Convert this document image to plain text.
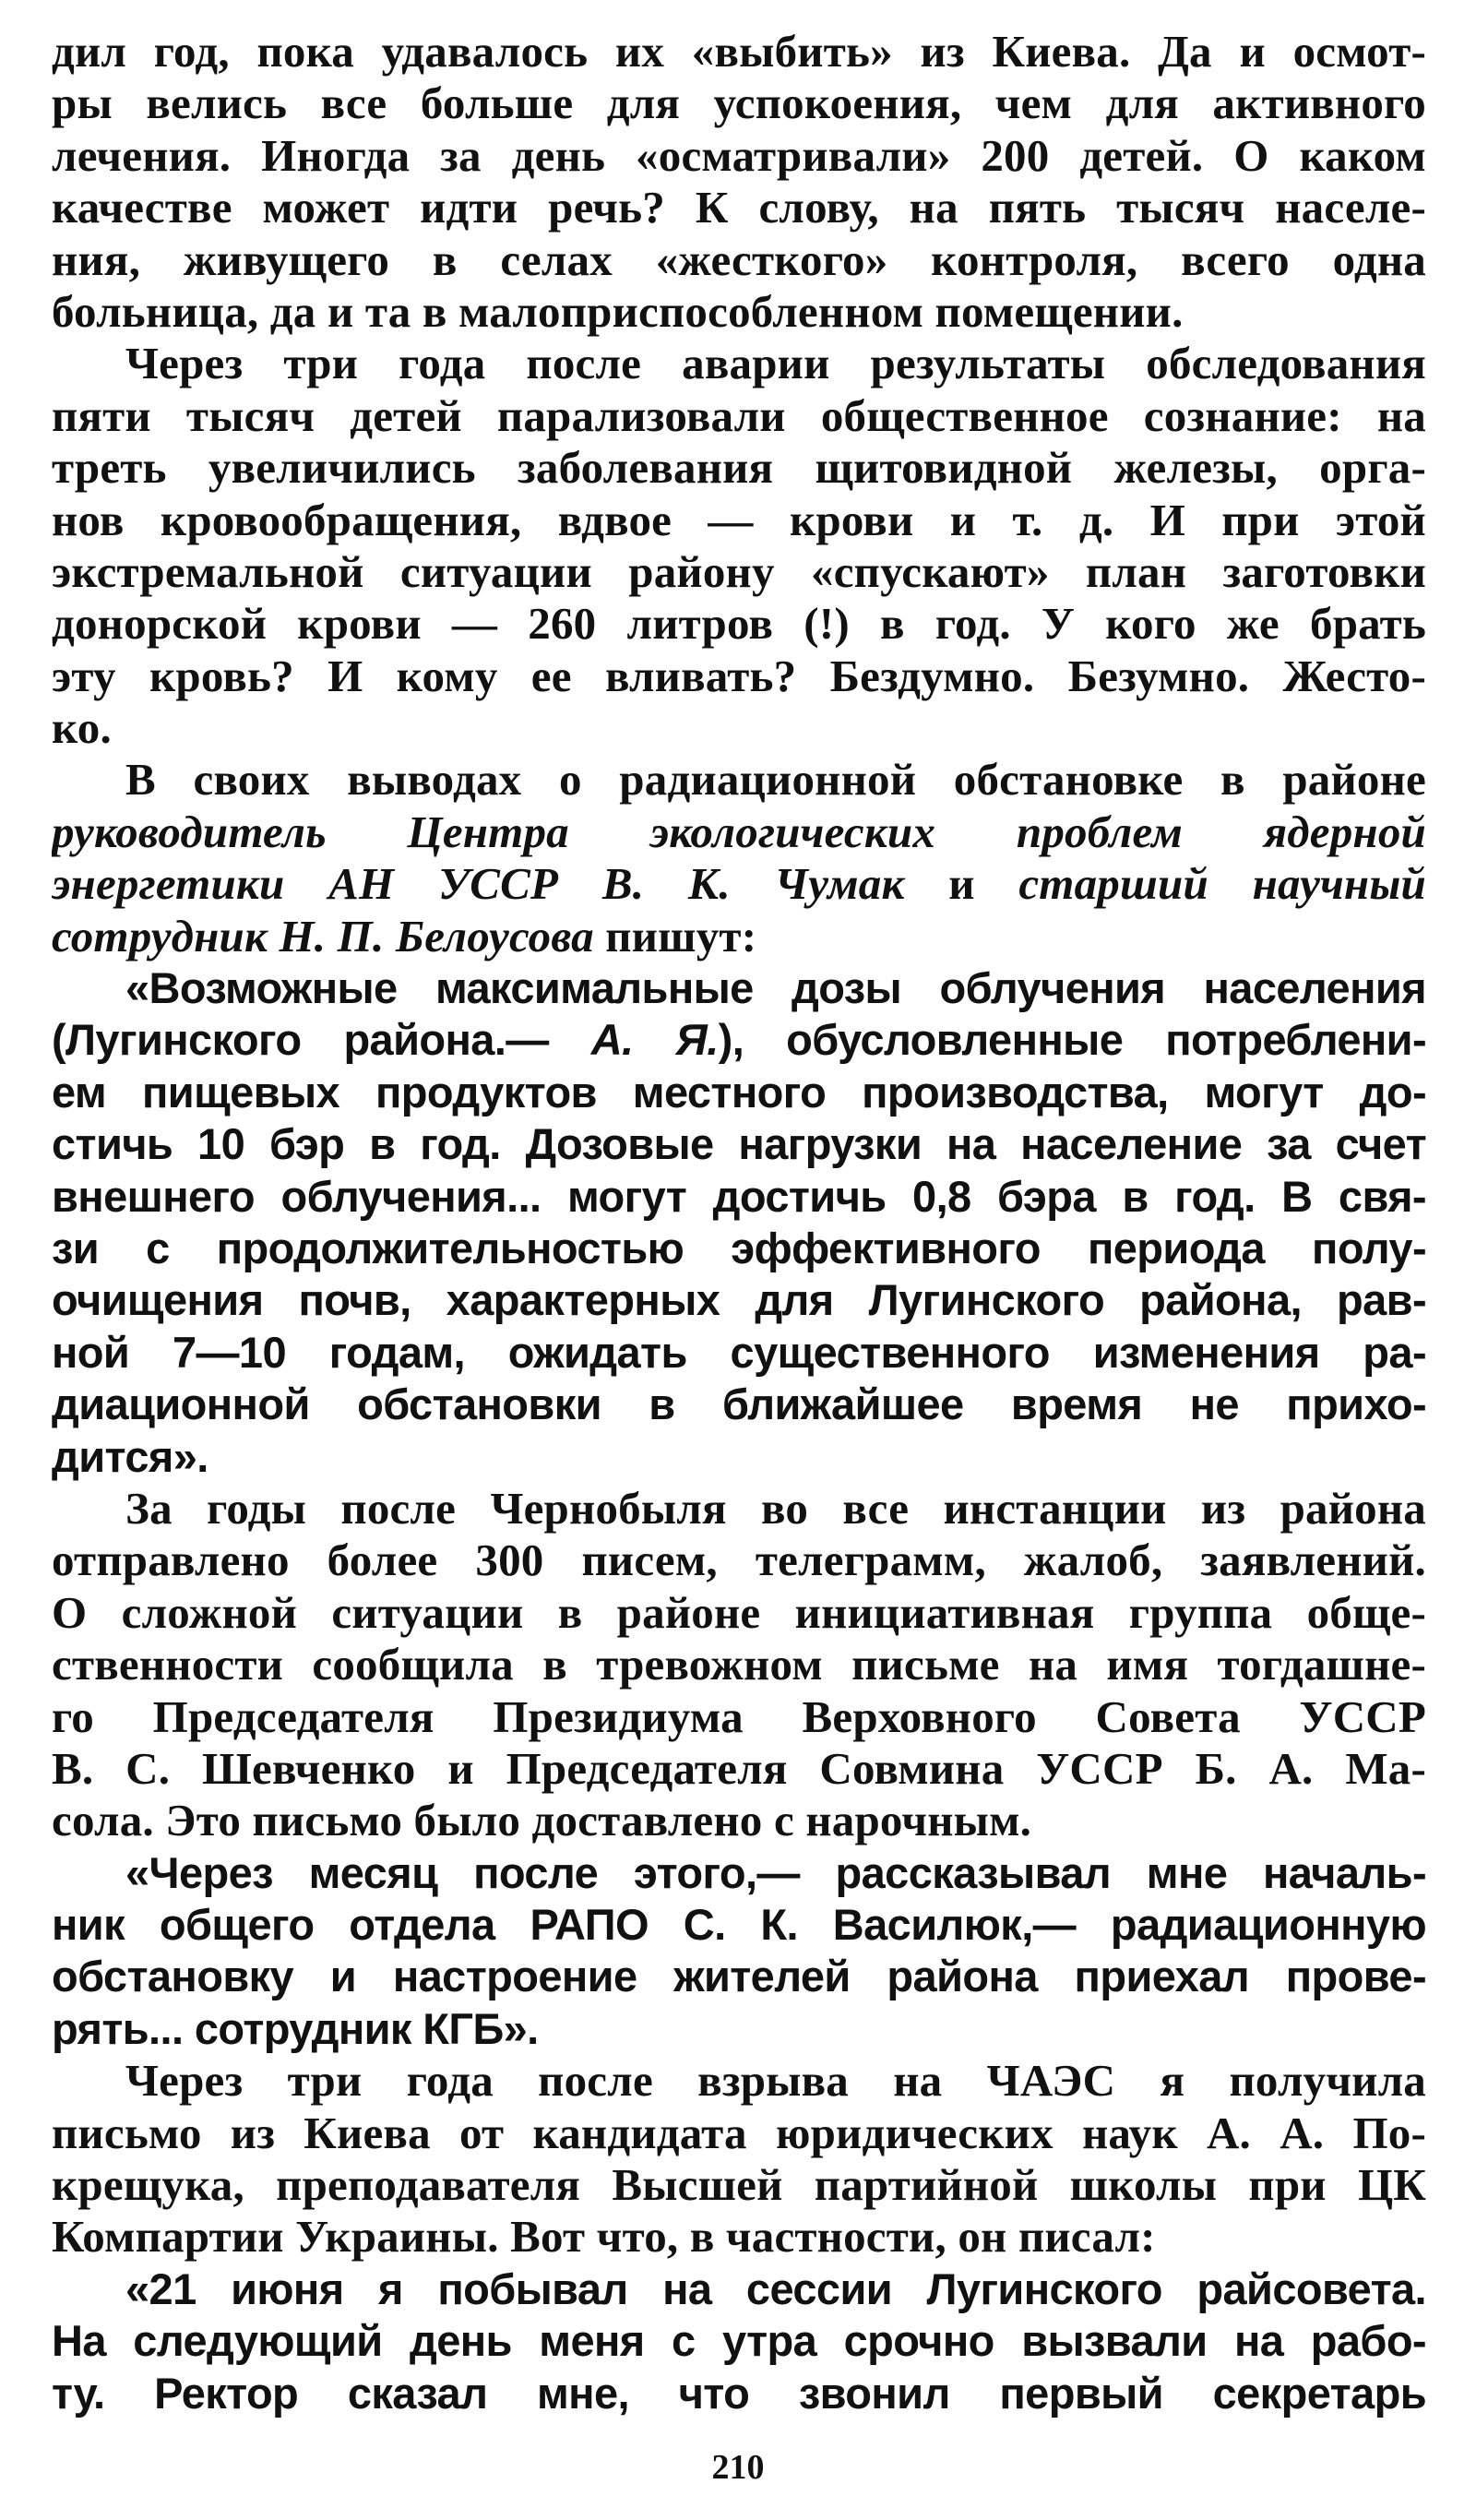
дил год, пока удавалось их «выбить» из Киева. Да и осмот-
ры велись все больше для успокоения, чем для активного
лечения. Иногда за день «осматривали» 200 детей. О каком
качестве может идти речь? К слову, на пять тысяч населе-
ния, живущего в селах «жесткого» контроля, всего одна
больница, да и та в малоприспособленном помещении.
Через три года после аварии результаты обследования
пяти тысяч детей парализовали общественное сознание: на
треть увеличились заболевания щитовидной железы, орга-
нов кровообращения, вдвое — крови и т. д. И при этой
экстремальной ситуации району «спускают» план заготовки
донорской крови — 260 литров (!) в год. У кого же брать
эту кровь? И кому ее вливать? Бездумно. Безумно. Жесто-
ко.
В своих выводах о радиационной обстановке в районе
руководитель Центра экологических проблем ядерной
энергетики АН УССР В. К. Чумак и старший научный
сотрудник Н. П. Белоусова пишут:
«Возможные максимальные дозы облучения населения
(Лугинского района.— А. Я.), обусловленные потреблени-
ем пищевых продуктов местного производства, могут до-
стичь 10 бэр в год. Дозовые нагрузки на население за счет
внешнего облучения... могут достичь 0,8 бэра в год. В свя-
зи с продолжительностью эффективного периода полу-
очищения почв, характерных для Лугинского района, рав-
ной 7—10 годам, ожидать существенного изменения ра-
диационной обстановки в ближайшее время не прихо-
дится».
За годы после Чернобыля во все инстанции из района
отправлено более 300 писем, телеграмм, жалоб, заявлений.
О сложной ситуации в районе инициативная группа обще-
ственности сообщила в тревожном письме на имя тогдашне-
го Председателя Президиума Верховного Совета УССР
В. С. Шевченко и Председателя Совмина УССР Б. А. Ма-
сола. Это письмо было доставлено с нарочным.
«Через месяц после этого,— рассказывал мне началь-
ник общего отдела РАПО С. К. Василюк,— радиационную
обстановку и настроение жителей района приехал прове-
рять... сотрудник КГБ».
Через три года после взрыва на ЧАЭС я получила
письмо из Киева от кандидата юридических наук А. А. По-
крещука, преподавателя Высшей партийной школы при ЦК
Компартии Украины. Вот что, в частности, он писал:
«21 июня я побывал на сессии Лугинского райсовета.
На следующий день меня с утра срочно вызвали на рабо-
ту. Ректор сказал мне, что звонил первый секретарь
210
